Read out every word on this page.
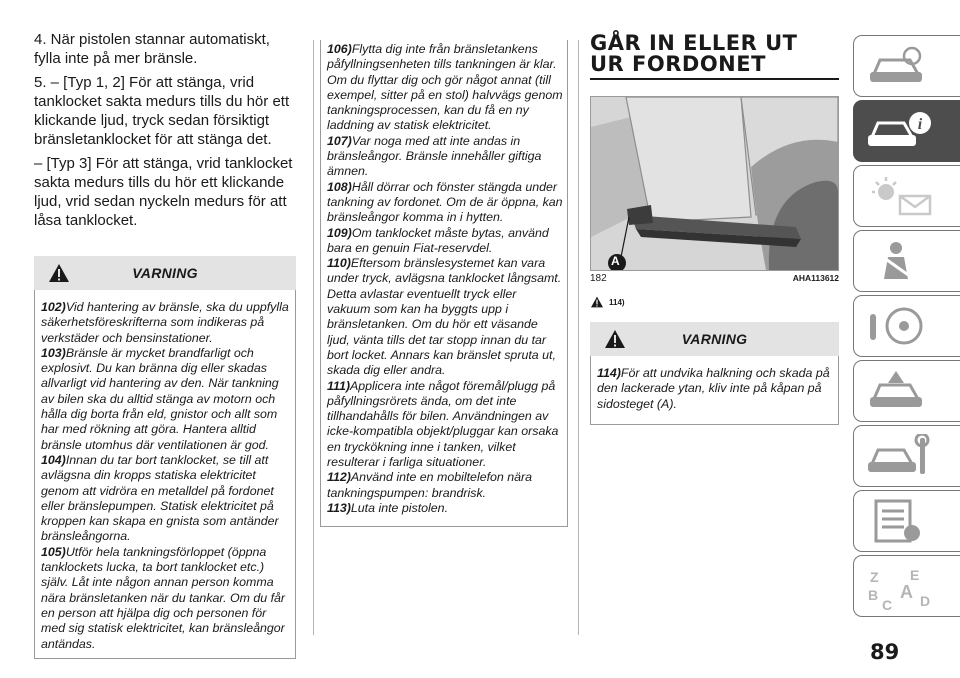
4. När pistolen stannar automatiskt, fylla inte på mer bränsle.

5. – [Typ 1, 2] För att stänga, vrid tanklocket sakta medurs tills du hör ett klickande ljud, tryck sedan försiktigt bränsletanklocket för att stänga det.

– [Typ 3] För att stänga, vrid tanklocket sakta medurs tills du hör ett klickande ljud, vrid sedan nyckeln medurs för att låsa tanklocket.

VARNING
102)Vid hantering av bränsle, ska du uppfylla säkerhetsföreskrifterna som indikeras på verkstäder och bensinstationer.
103)Bränsle är mycket brandfarligt och explosivt. Du kan bränna dig eller skadas allvarligt vid hantering av den. När tankning av bilen ska du alltid stänga av motorn och hålla dig borta från eld, gnistor och allt som har med rökning att göra. Hantera alltid bränsle utomhus där ventilationen är god.
104)Innan du tar bort tanklocket, se till att avlägsna din kropps statiska elektricitet genom att vidröra en metalldel på fordonet eller bränslepumpen. Statisk elektricitet på kroppen kan skapa en gnista som antänder bränsleångorna.
105)Utför hela tankningsförloppet (öppna tanklockets lucka, ta bort tanklocket etc.) själv. Låt inte någon annan person komma nära bränsletanken när du tankar. Om du får en person att hjälpa dig och personen för med sig statisk elektricitet, kan bränsleångor antändas.
106)Flytta dig inte från bränsletankens påfyllningsenheten tills tankningen är klar. Om du flyttar dig och gör något annat (till exempel, sitter på en stol) halvvägs genom tankningsprocessen, kan du få en ny laddning av statisk elektricitet.
107)Var noga med att inte andas in bränsleångor. Bränsle innehåller giftiga ämnen.
108)Håll dörrar och fönster stängda under tankning av fordonet. Om de är öppna, kan bränsleångor komma in i hytten.
109)Om tanklocket måste bytas, använd bara en genuin Fiat-reservdel.
110)Eftersom bränslesystemet kan vara under tryck, avlägsna tanklocket långsamt. Detta avlastar eventuellt tryck eller vakuum som kan ha byggts upp i bränsletanken. Om du hör ett väsande ljud, vänta tills det tar stopp innan du tar bort locket. Annars kan bränslet spruta ut, skada dig eller andra.
111)Applicera inte något föremål/plugg på påfyllningsrörets ända, om det inte tillhandahålls för bilen. Användningen av icke-kompatibla objekt/pluggar kan orsaka en tryckökning inne i tanken, vilket resulterar i farliga situationer.
112)Använd inte en mobiltelefon nära tankningspumpen: brandrisk.
113)Luta inte pistolen.
GÅR IN ELLER UT
UR FORDONET
A
182	AHA113612
114)
VARNING
114)För att undvika halkning och skada på den lackerade ytan, kliv inte på kåpan på sidosteget (A).
i
Z E
B A
C D
89
